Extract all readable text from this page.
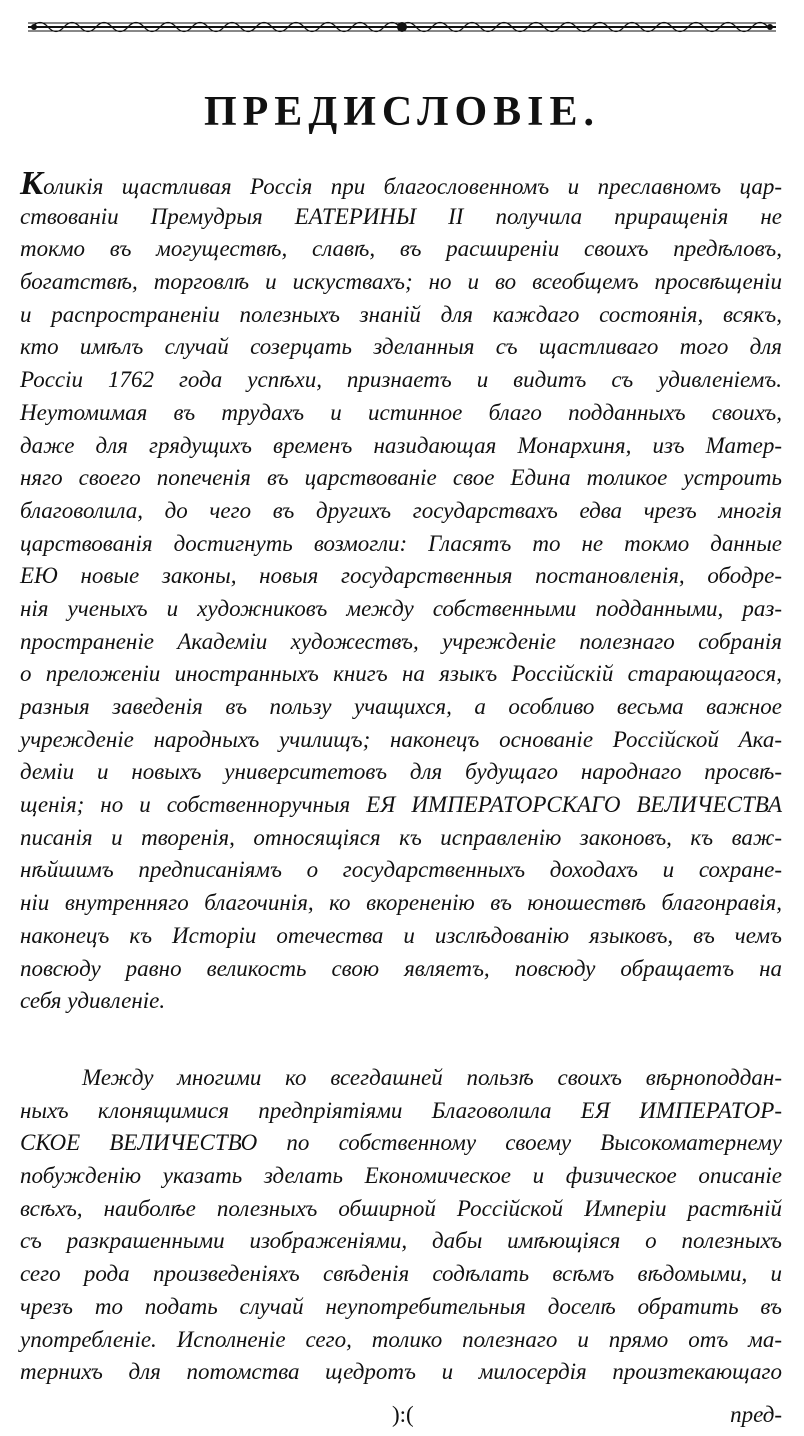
ПРЕДИСЛОВІЕ.
Коликія щастливая Россія при благословенномъ и преславномъ цар-
ствованіи Премудрыя ЕАТЕРИНЫ II получила приращенія не
токмо въ могуществѣ, славѣ, въ расширеніи своихъ предѣловъ,
богатствѣ, торговлѣ и искуствахъ; но и во всеобщемъ просвѣщеніи
и распространеніи полезныхъ знаній для каждаго состоянія, всякъ,
кто имѣлъ случай созерцать зделанныя съ щастливаго того для
Россіи 1762 года успѣхи, признаетъ и видитъ съ удивленіемъ.
Неутомимая въ трудахъ и истинное благо подданныхъ своихъ,
даже для грядущихъ временъ назидающая Монархиня, изъ Матер-
няго своего попеченія въ царствованіе свое Едина толикое устроить
благоволила, до чего въ другихъ государствахъ едва чрезъ многія
царствованія достигнуть возмогли: Гласятъ то не токмо данные
ЕЮ новые законы, новыя государственныя постановленія, ободре-
нія ученыхъ и художниковъ между собственными подданными, раз-
пространеніе Академіи художествъ, учрежденіе полезнаго собранія
о преложеніи иностранныхъ книгъ на языкъ Россійскій старающагося,
разныя заведенія въ пользу учащихся, а особливо весьма важное
учрежденіе народныхъ училищъ; наконецъ основаніе Россійской Ака-
деміи и новыхъ университетовъ для будущаго народнаго просвѣ-
щенія; но и собственноручныя ЕЯ ИМПЕРАТОРСКАГО ВЕЛИЧЕСТВА
писанія и творенія, относящіяся къ исправленію законовъ, къ важ-
нѣйшимъ предписаніямъ о государственныхъ доходахъ и сохране-
ніи внутренняго благочинія, ко вкорененію въ юношествѣ благонравія,
наконецъ къ Исторіи отечества и изслѣдованію языковъ, въ чемъ
повсюду равно великость свою являетъ, повсюду обращаетъ на
себя удивленіе.
Между многими ко всегдашней пользѣ своихъ вѣрноподдан-
ныхъ клонящимися предпріятіями Благоволила ЕЯ ИМПЕРАТОР-
СКОЕ ВЕЛИЧЕСТВО по собственному своему Высокоматернему
побужденію указать зделать Економическое и физическое описаніе
всѣхъ, наиболѣе полезныхъ обширной Россійской Имперіи растѣній
съ разкрашенными изображеніями, дабы имѣющіяся о полезныхъ
сего рода произведеніяхъ свѣденія содѣлать всѣмъ вѣдомыми, и
чрезъ то подать случай неупотребительныя доселѣ обратить въ
употребленіе. Исполненіе сего, толико полезнаго и прямо отъ ма-
тернихъ для потомства щедротъ и милосердія произтекающаго
):(	пред-
